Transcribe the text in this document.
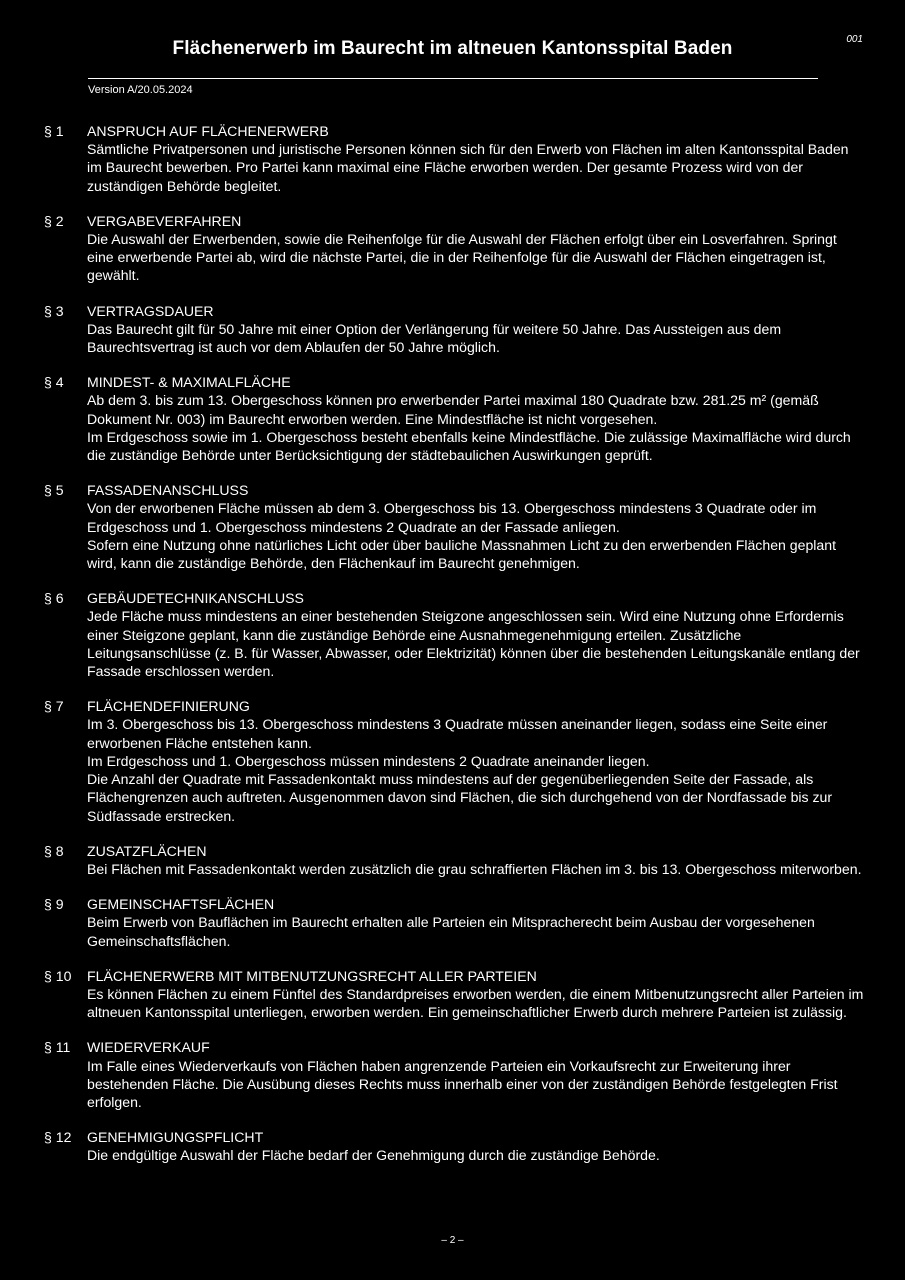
Flächenerwerb im Baurecht im altneuen Kantonsspital Baden	001
Version A/20.05.2024
§ 1	ANSPRUCH AUF FLÄCHENERWERB

Sämtliche Privatpersonen und juristische Personen können sich für den Erwerb von Flächen im alten Kantonsspital Baden im Baurecht bewerben. Pro Partei kann maximal eine Fläche erworben werden. Der gesamte Prozess wird von der zuständigen Behörde begleitet.

§ 2	VERGABEVERFAHREN

Die Auswahl der Erwerbenden, sowie die Reihenfolge für die Auswahl der Flächen erfolgt über ein Losverfahren. Springt eine erwerbende Partei ab, wird die nächste Partei, die in der Reihenfolge für die Auswahl der Flächen eingetragen ist, gewählt.

§ 3	VERTRAGSDAUER

Das Baurecht gilt für 50 Jahre mit einer Option der Verlängerung für weitere 50 Jahre. Das Aussteigen aus dem Baurechtsvertrag ist auch vor dem Ablaufen der 50 Jahre möglich.

§ 4	MINDEST- & MAXIMALFLÄCHE

Ab dem 3. bis zum 13. Obergeschoss können pro erwerbender Partei maximal 180 Quadrate bzw. 281.25 m² (gemäß Dokument Nr. 003) im Baurecht erworben werden. Eine Mindestfläche ist nicht vorgesehen.

Im Erdgeschoss sowie im 1. Obergeschoss besteht ebenfalls keine Mindestfläche. Die zulässige Maximalfläche wird durch die zuständige Behörde unter Berücksichtigung der städtebaulichen Auswirkungen geprüft.

§ 5	FASSADENANSCHLUSS

Von der erworbenen Fläche müssen ab dem 3. Obergeschoss bis 13. Obergeschoss mindestens 3 Quadrate oder im Erdgeschoss und 1. Obergeschoss mindestens 2 Quadrate an der Fassade anliegen.

Sofern eine Nutzung ohne natürliches Licht oder über bauliche Massnahmen Licht zu den erwerbenden Flächen geplant wird, kann die zuständige Behörde, den Flächenkauf im Baurecht genehmigen.

§ 6	GEBÄUDETECHNIKANSCHLUSS

Jede Fläche muss mindestens an einer bestehenden Steigzone angeschlossen sein. Wird eine Nutzung ohne Erfordernis einer Steigzone geplant, kann die zuständige Behörde eine Ausnahmegenehmigung erteilen. Zusätzliche Leitungsanschlüsse (z. B. für Wasser, Abwasser, oder Elektrizität) können über die bestehenden Leitungskanäle entlang der Fassade erschlossen werden.

§ 7	FLÄCHENDEFINIERUNG

Im 3. Obergeschoss bis 13. Obergeschoss mindestens 3 Quadrate müssen aneinander liegen, sodass eine Seite einer erworbenen Fläche entstehen kann.

Im Erdgeschoss und 1. Obergeschoss müssen mindestens 2 Quadrate aneinander liegen.

Die Anzahl der Quadrate mit Fassadenkontakt muss mindestens auf der gegenüberliegenden Seite der Fassade, als Flächengrenzen auch auftreten. Ausgenommen davon sind Flächen, die sich durchgehend von der Nordfassade bis zur Südfassade erstrecken.

§ 8	ZUSATZFLÄCHEN

Bei Flächen mit Fassadenkontakt werden zusätzlich die grau schraffierten Flächen im 3. bis 13. Obergeschoss miterworben.

§ 9	GEMEINSCHAFTSFLÄCHEN

Beim Erwerb von Bauflächen im Baurecht erhalten alle Parteien ein Mitspracherecht beim Ausbau der vorgesehenen Gemeinschaftsflächen.

§ 10	FLÄCHENERWERB MIT MITBENUTZUNGSRECHT ALLER PARTEIEN

Es können Flächen zu einem Fünftel des Standardpreises erworben werden, die einem Mitbenutzungsrecht aller Parteien im altneuen Kantonsspital unterliegen, erworben werden. Ein gemeinschaftlicher Erwerb durch mehrere Parteien ist zulässig.

§ 11	WIEDERVERKAUF

Im Falle eines Wiederverkaufs von Flächen haben angrenzende Parteien ein Vorkaufsrecht zur Erweiterung ihrer bestehenden Fläche. Die Ausübung dieses Rechts muss innerhalb einer von der zuständigen Behörde festgelegten Frist erfolgen.

§ 12	GENEHMIGUNGSPFLICHT

Die endgültige Auswahl der Fläche bedarf der Genehmigung durch die zuständige Behörde.

– 2 –
